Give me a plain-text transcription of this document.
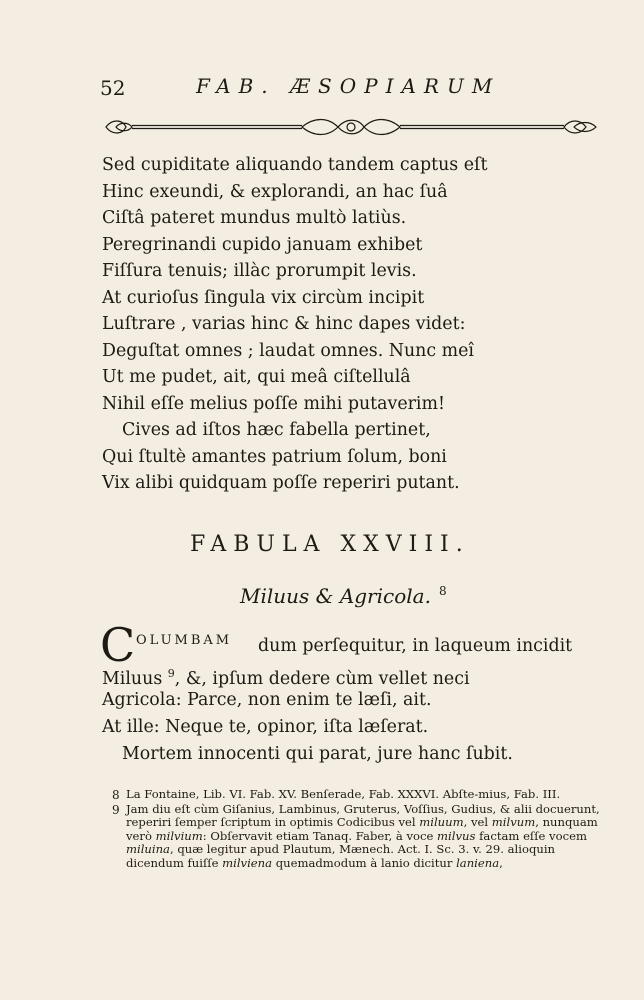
52	FAB. ÆSOPIARUM
Sed cupiditate aliquando tandem captus eſt
Hinc exeundi, & explorandi, an hac ſuâ
Ciſtâ pateret mundus multò latiùs.
Peregrinandi cupido januam exhibet
Fiſſura tenuis; illàc prorumpit levis.
At curioſus ſingula vix circùm incipit
Luſtrare , varias hinc & hinc dapes videt:
Deguſtat omnes ; laudat omnes. Nunc meî
Ut me pudet, ait, qui meâ ciſtellulâ
Nihil eſſe melius poſſe mihi putaverim!
Cives ad iſtos hæc fabella pertinet,
Qui ſtultè amantes patrium ſolum, boni
Vix alibi quidquam poſſe reperiri putant.
FABULA XXVIII.
Miluus & Agricola. $^8$
C OLUMBAM dum perſequitur, in laqueum incidit
Miluus $^9$, &, ipſum dedere cùm vellet neci
Agricola: Parce, non enim te læſi, ait.
At ille: Neque te, opinor, iſta læſerat.
Mortem innocenti qui parat, jure hanc ſubit.
8 La Fontaine, Lib. VI. Fab. XV. Benſerade, Fab. XXXVI. Abſte-mius, Fab. III.
9 Jam diu eſt cùm Giſanius, Lambinus, Gruterus, Voſſius, Gudius, & alii docuerunt, reperiri ſemper ſcriptum in optimis Codicibus vel miluum, vel milvum, nunquam verò milvium: Obſervavit etiam Tanaq. Faber, à voce milvus factam eſſe vocem miluina, quæ legitur apud Plautum, Mænech. Act. I. Sc. 3. v. 29. alioquin dicendum fuiſſe milviena quemadmodum à lanio dicitur laniena,
